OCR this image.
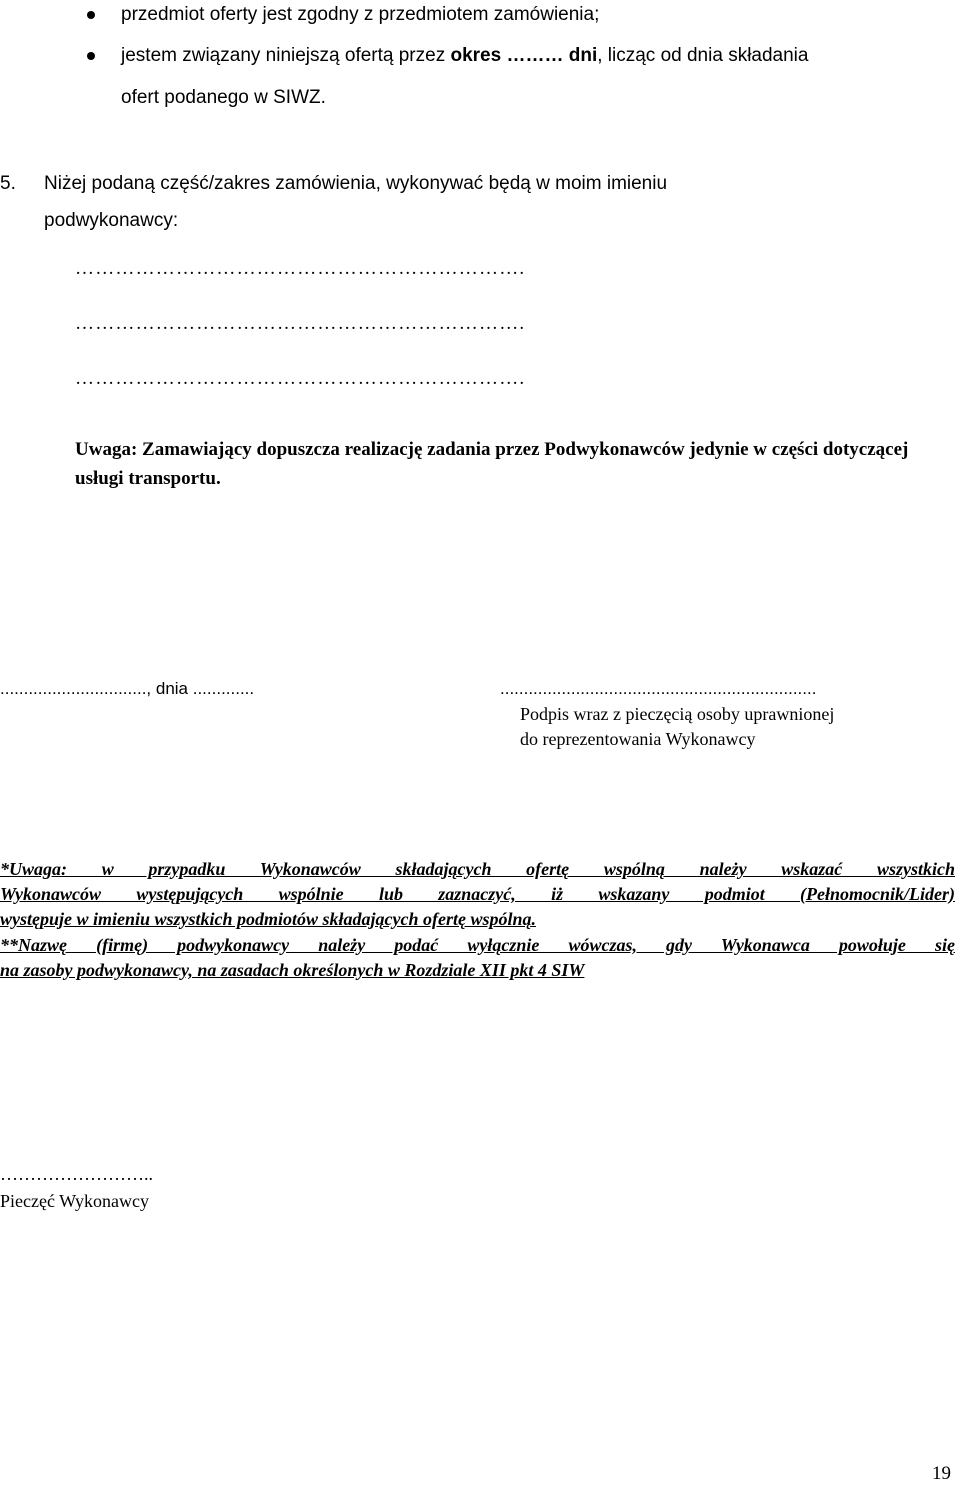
przedmiot oferty jest zgodny z przedmiotem zamówienia;
jestem związany niniejszą ofertą przez okres ……… dni, licząc od dnia składania
ofert podanego w SIWZ.
5. Niżej podaną część/zakres zamówienia, wykonywać będą w moim imieniu
podwykonawcy:
………………………………………………………….
………………………………………………………….
………………………………………………………….
Uwaga: Zamawiający dopuszcza realizację zadania przez Podwykonawców jedynie w części dotyczącej usługi transportu.
..............................., dnia .............	...................................................................
Podpis wraz z pieczęcią osoby uprawnionej
do reprezentowania Wykonawcy
*Uwaga: w przypadku Wykonawców składających ofertę wspólną należy wskazać wszystkich
Wykonawców występujących wspólnie lub zaznaczyć, iż wskazany podmiot (Pełnomocnik/Lider)
występuje w imieniu wszystkich podmiotów składających ofertę wspólną.
**Nazwę (firmę) podwykonawcy należy podać wyłącznie wówczas, gdy Wykonawca powołuje się
na zasoby podwykonawcy, na zasadach określonych w Rozdziale XII pkt 4 SIW
……………………..
Pieczęć Wykonawcy
19
